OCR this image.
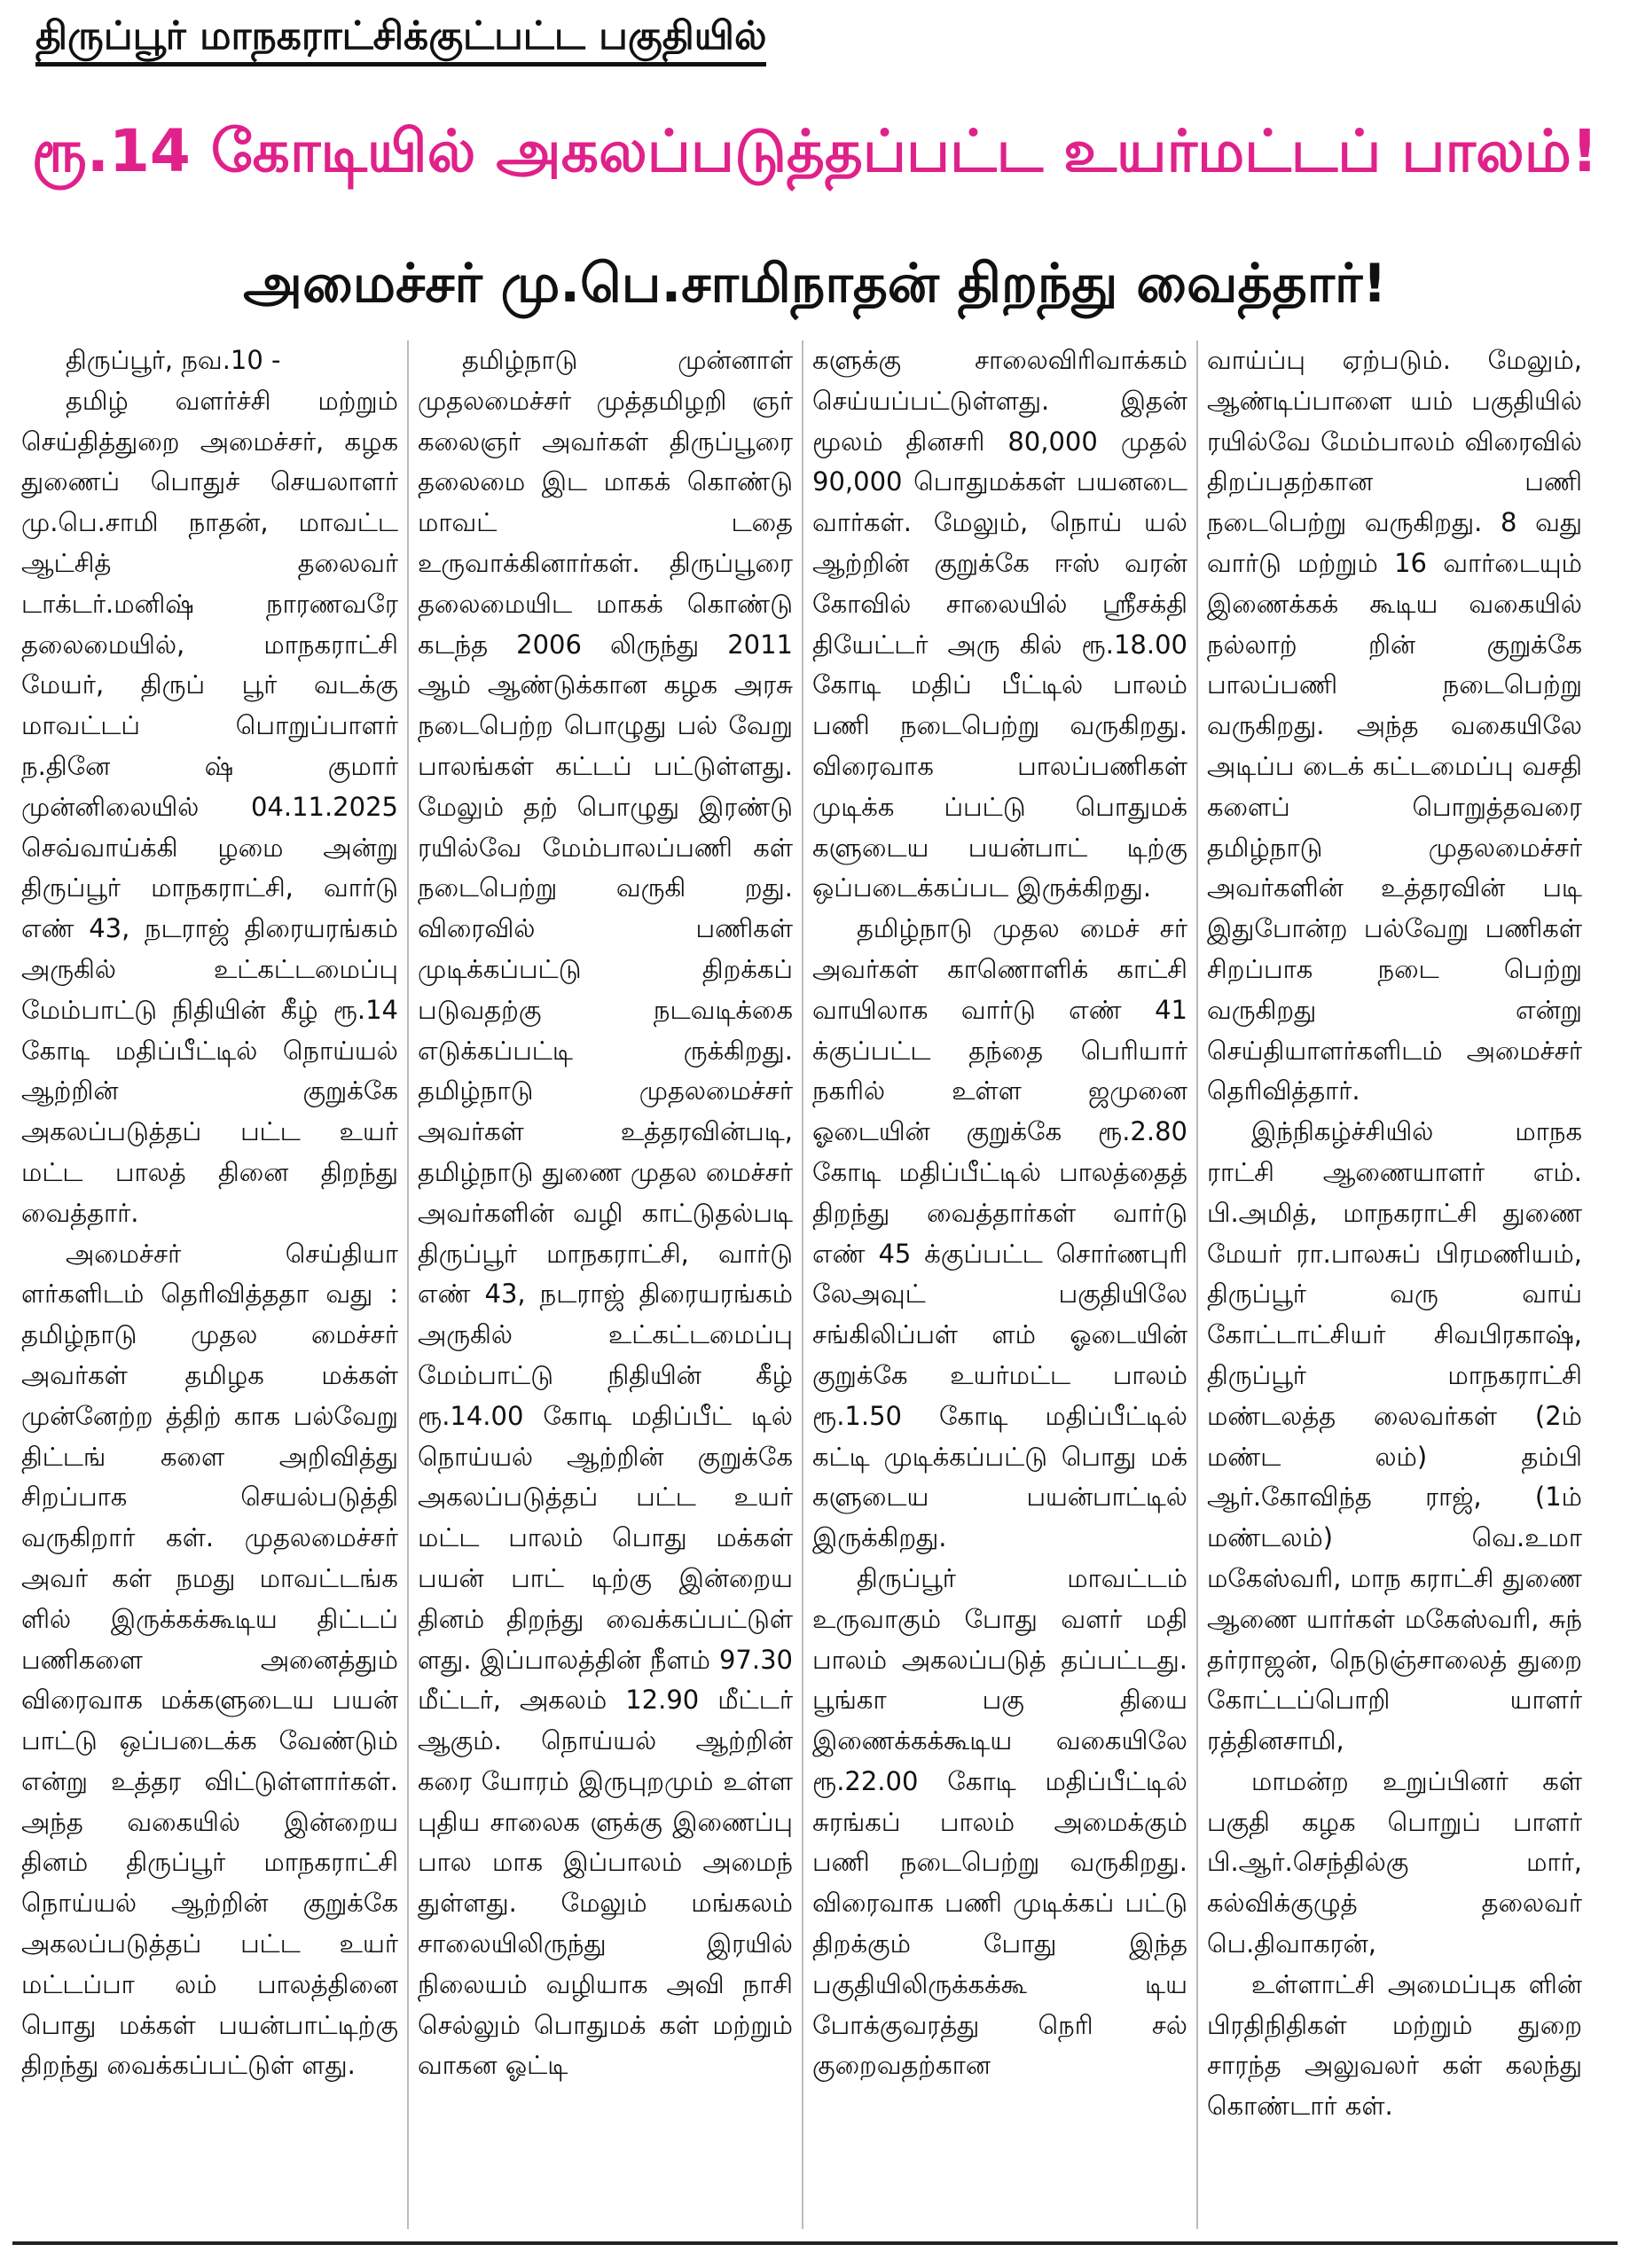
திருப்பூர் மாநகராட்சிக்குட்பட்ட பகுதியில்
ரூ.14 கோடியில் அகலப்படுத்தப்பட்ட உயர்மட்டப் பாலம்!
அமைச்சர் மு.பெ.சாமிநாதன் திறந்து வைத்தார்!

திருப்பூர், நவ.10 -

தமிழ் வளர்ச்சி மற்றும் செய்தித்துறை அமைச்சர், கழக துணைப் பொதுச் செயலாளர் மு.பெ.சாமி நாதன், மாவட்ட ஆட்சித் தலைவர் டாக்டர்.மனிஷ் நாரணவரே தலைமையில், மாநகராட்சி மேயர், திருப் பூர் வடக்கு மாவட்டப் பொறுப்பாளர் ந.தினே ஷ் குமார் முன்னிலையில் 04.11.2025 செவ்வாய்க்கி ழமை அன்று திருப்பூர் மாநகராட்சி, வார்டு எண் 43, நடராஜ் திரையரங்கம் அருகில் உட்கட்டமைப்பு மேம்பாட்டு நிதியின் கீழ் ரூ.14 கோடி மதிப்பீட்டில் நொய்யல் ஆற்றின் குறுக்கே அகலப்படுத்தப் பட்ட உயர் மட்ட பாலத் தினை திறந்து வைத்தார்.

அமைச்சர் செய்தியா ளர்களிடம் தெரிவித்ததா வது : தமிழ்நாடு முதல மைச்சர் அவர்கள் தமிழக மக்கள் முன்னேற்ற த்திற் காக பல்வேறு திட்டங் களை அறிவித்து சிறப்பாக செயல்படுத்தி வருகிறார் கள். முதலமைச்சர் அவர் கள் நமது மாவட்டங்க ளில் இருக்கக்கூடிய திட்டப் பணிகளை அனைத்தும் விரைவாக மக்களுடைய பயன் பாட்டு ஒப்படைக்க வேண்டும் என்று உத்தர விட்டுள்ளார்கள். அந்த வகையில் இன்றைய தினம் திருப்பூர் மாநகராட்சி நொய்யல் ஆற்றின் குறுக்கே அகலப்படுத்தப் பட்ட உயர் மட்டப்பா லம் பாலத்தினை பொது மக்கள் பயன்பாட்டிற்கு திறந்து வைக்கப்பட்டுள் ளது.

தமிழ்நாடு முன்னாள் முதலமைச்சர் முத்தமிழறி ஞர் கலைஞர் அவர்கள் திருப்பூரை தலைமை இட மாகக் கொண்டு மாவட் டதை உருவாக்கினார்கள். திருப்பூரை தலைமையிட மாகக் கொண்டு கடந்த 2006 லிருந்து 2011 ஆம் ஆண்டுக்கான கழக அரசு நடைபெற்ற பொழுது பல் வேறு பாலங்கள் கட்டப் பட்டுள்ளது. மேலும் தற் பொழுது இரண்டு ரயில்வே மேம்பாலப்பணி கள் நடைபெற்று வருகி றது. விரைவில் பணிகள் முடிக்கப்பட்டு திறக்கப் படுவதற்கு நடவடிக்கை எடுக்கப்பட்டி ருக்கிறது. தமிழ்நாடு முதலமைச்சர் அவர்கள் உத்தரவின்படி, தமிழ்நாடு துணை முதல மைச்சர் அவர்களின் வழி காட்டுதல்படி திருப்பூர் மாநகராட்சி, வார்டு எண் 43, நடராஜ் திரையரங்கம் அருகில் உட்கட்டமைப்பு மேம்பாட்டு நிதியின் கீழ் ரூ.14.00 கோடி மதிப்பீட் டில் நொய்யல் ஆற்றின் குறுக்கே அகலப்படுத்தப் பட்ட உயர் மட்ட பாலம் பொது மக்கள் பயன் பாட் டிற்கு இன்றைய தினம் திறந்து வைக்கப்பட்டுள் ளது. இப்பாலத்தின் நீளம் 97.30 மீட்டர், அகலம் 12.90 மீட்டர் ஆகும். நொய்யல் ஆற்றின் கரை யோரம் இருபுறமும் உள்ள புதிய சாலைக ளுக்கு இணைப்பு பால மாக இப்பாலம் அமைந் துள்ளது. மேலும் மங்கலம் சாலையிலிருந்து இரயில் நிலையம் வழியாக அவி நாசி செல்லும் பொதுமக் கள் மற்றும் வாகன ஓட்டி

களுக்கு சாலைவிரிவாக்கம் செய்யப்பட்டுள்ளது. இதன் மூலம் தினசரி 80,000 முதல் 90,000 பொதுமக்கள் பயனடை வார்கள். மேலும், நொய் யல் ஆற்றின் குறுக்கே ஈஸ் வரன் கோவில் சாலையில் ஸ்ரீசக்தி தியேட்டர் அரு கில் ரூ.18.00 கோடி மதிப் பீட்டில் பாலம் பணி நடைபெற்று வருகிறது. விரைவாக பாலப்பணிகள் முடிக்க ப்பட்டு பொதுமக் களுடைய பயன்பாட் டிற்கு ஒப்படைக்கப்பட இருக்கிறது.

தமிழ்நாடு முதல மைச் சர் அவர்கள் காணொளிக் காட்சி வாயிலாக வார்டு எண் 41 க்குப்பட்ட தந்தை பெரியார் நகரில் உள்ள ஜமுனை ஓடையின் குறுக்கே ரூ.2.80 கோடி மதிப்பீட்டில் பாலத்தைத் திறந்து வைத்தார்கள் வார்டு எண் 45 க்குப்பட்ட சொர்ணபுரி லேஅவுட் பகுதியிலே சங்கிலிப்பள் ளம் ஓடையின் குறுக்கே உயர்மட்ட பாலம் ரூ.1.50 கோடி மதிப்பீட்டில் கட்டி முடிக்கப்பட்டு பொது மக் களுடைய பயன்பாட்டில் இருக்கிறது.

திருப்பூர் மாவட்டம் உருவாகும் போது வளர் மதி பாலம் அகலப்படுத் தப்பட்டது. பூங்கா பகு தியை இணைக்கக்கூடிய வகையிலே ரூ.22.00 கோடி மதிப்பீட்டில் சுரங்கப் பாலம் அமைக்கும் பணி நடைபெற்று வருகிறது. விரைவாக பணி முடிக்கப் பட்டு திறக்கும் போது இந்த பகுதியிலிருக்கக்கூ டிய போக்குவரத்து நெரி சல் குறைவதற்கான

வாய்ப்பு ஏற்படும். மேலும், ஆண்டிப்பாளை யம் பகுதியில் ரயில்வே மேம்பாலம் விரைவில் திறப்பதற்கான பணி நடைபெற்று வருகிறது. 8 வது வார்டு மற்றும் 16 வார்டையும் இணைக்கக் கூடிய வகையில் நல்லாற் றின் குறுக்கே பாலப்பணி நடைபெற்று வருகிறது. அந்த வகையிலே அடிப்ப டைக் கட்டமைப்பு வசதி களைப் பொறுத்தவரை தமிழ்நாடு முதலமைச்சர் அவர்களின் உத்தரவின் படி இதுபோன்ற பல்வேறு பணிகள் சிறப்பாக நடை பெற்று வருகிறது என்று செய்தியாளர்களிடம் அமைச்சர் தெரிவித்தார்.

இந்நிகழ்ச்சியில் மாநக ராட்சி ஆணையாளர் எம். பி.அமித், மாநகராட்சி துணை மேயர் ரா.பாலசுப் பிரமணியம், திருப்பூர் வரு வாய் கோட்டாட்சியர் சிவபிரகாஷ், திருப்பூர் மாநகராட்சி மண்டலத்த லைவர்கள் (2ம் மண்ட லம்) தம்பி ஆர்.கோவிந்த ராஜ், (1ம் மண்டலம்) வெ.உமா மகேஸ்வரி, மாந கராட்சி துணை ஆணை யார்கள் மகேஸ்வரி, சுந் தர்ராஜன், நெடுஞ்சாலைத் துறை கோட்டப்பொறி யாளர் ரத்தினசாமி,

மாமன்ற உறுப்பினர் கள் பகுதி கழக பொறுப் பாளர் பி.ஆர்.செந்தில்கு மார், கல்விக்குழுத் தலைவர் பெ.திவாகரன்,

உள்ளாட்சி அமைப்புக ளின் பிரதிநிதிகள் மற்றும் துறை சாரந்த அலுவலர் கள் கலந்து கொண்டார் கள்.
